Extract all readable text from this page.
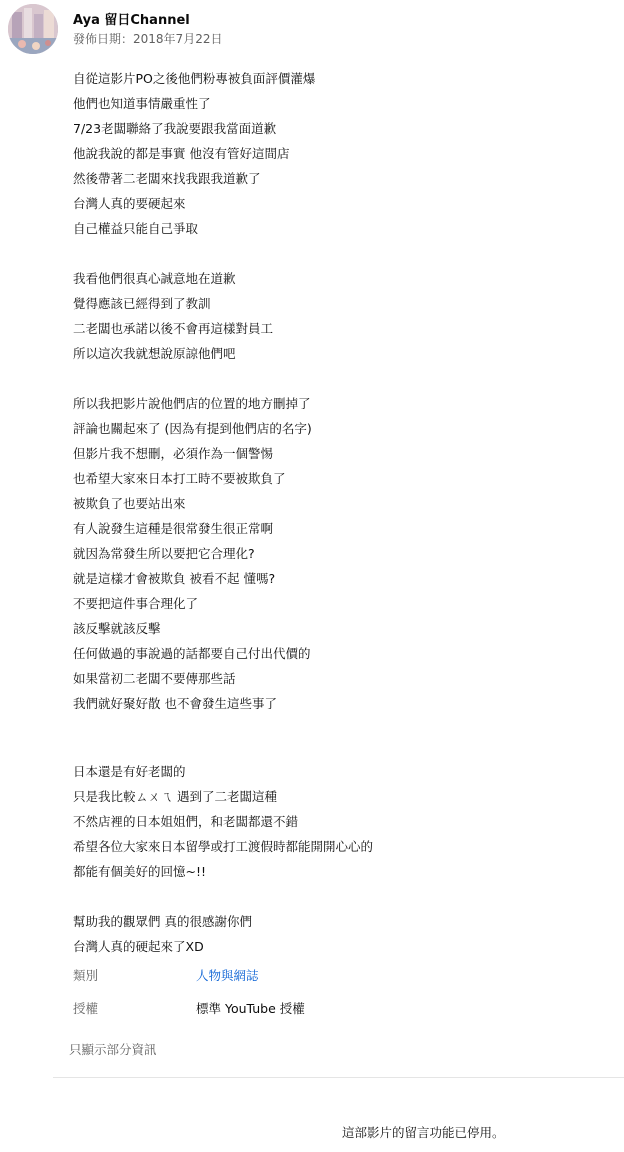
Aya 留日Channel
發佈日期：2018年7月22日
自從這影片PO之後他們粉專被負面評價灌爆
他們也知道事情嚴重性了
7/23老闆聯絡了我說要跟我當面道歉
他說我說的都是事實 他沒有管好這間店
然後帶著二老闆來找我跟我道歉了
台灣人真的要硬起來
自己權益只能自己爭取
我看他們很真心誠意地在道歉
覺得應該已經得到了教訓
二老闆也承諾以後不會再這樣對員工
所以這次我就想說原諒他們吧
所以我把影片說他們店的位置的地方刪掉了
評論也關起來了 (因為有提到他們店的名字)
但影片我不想刪，必須作為一個警惕
也希望大家來日本打工時不要被欺負了
被欺負了也要站出來
有人說發生這種是很常發生很正常啊
就因為常發生所以要把它合理化?
就是這樣才會被欺負 被看不起 懂嗎?
不要把這件事合理化了
該反擊就該反擊
任何做過的事說過的話都要自己付出代價的
如果當初二老闆不要傳那些話
我們就好聚好散 也不會發生這些事了
日本還是有好老闆的
只是我比較ㄙㄨㄟ 遇到了二老闆這種
不然店裡的日本姐姐們，和老闆都還不錯
希望各位大家來日本留學或打工渡假時都能開開心心的
都能有個美好的回憶~!!
幫助我的觀眾們 真的很感謝你們
台灣人真的硬起來了XD
類別	人物與網誌
授權	標準 YouTube 授權
只顯示部分資訊
這部影片的留言功能已停用。
